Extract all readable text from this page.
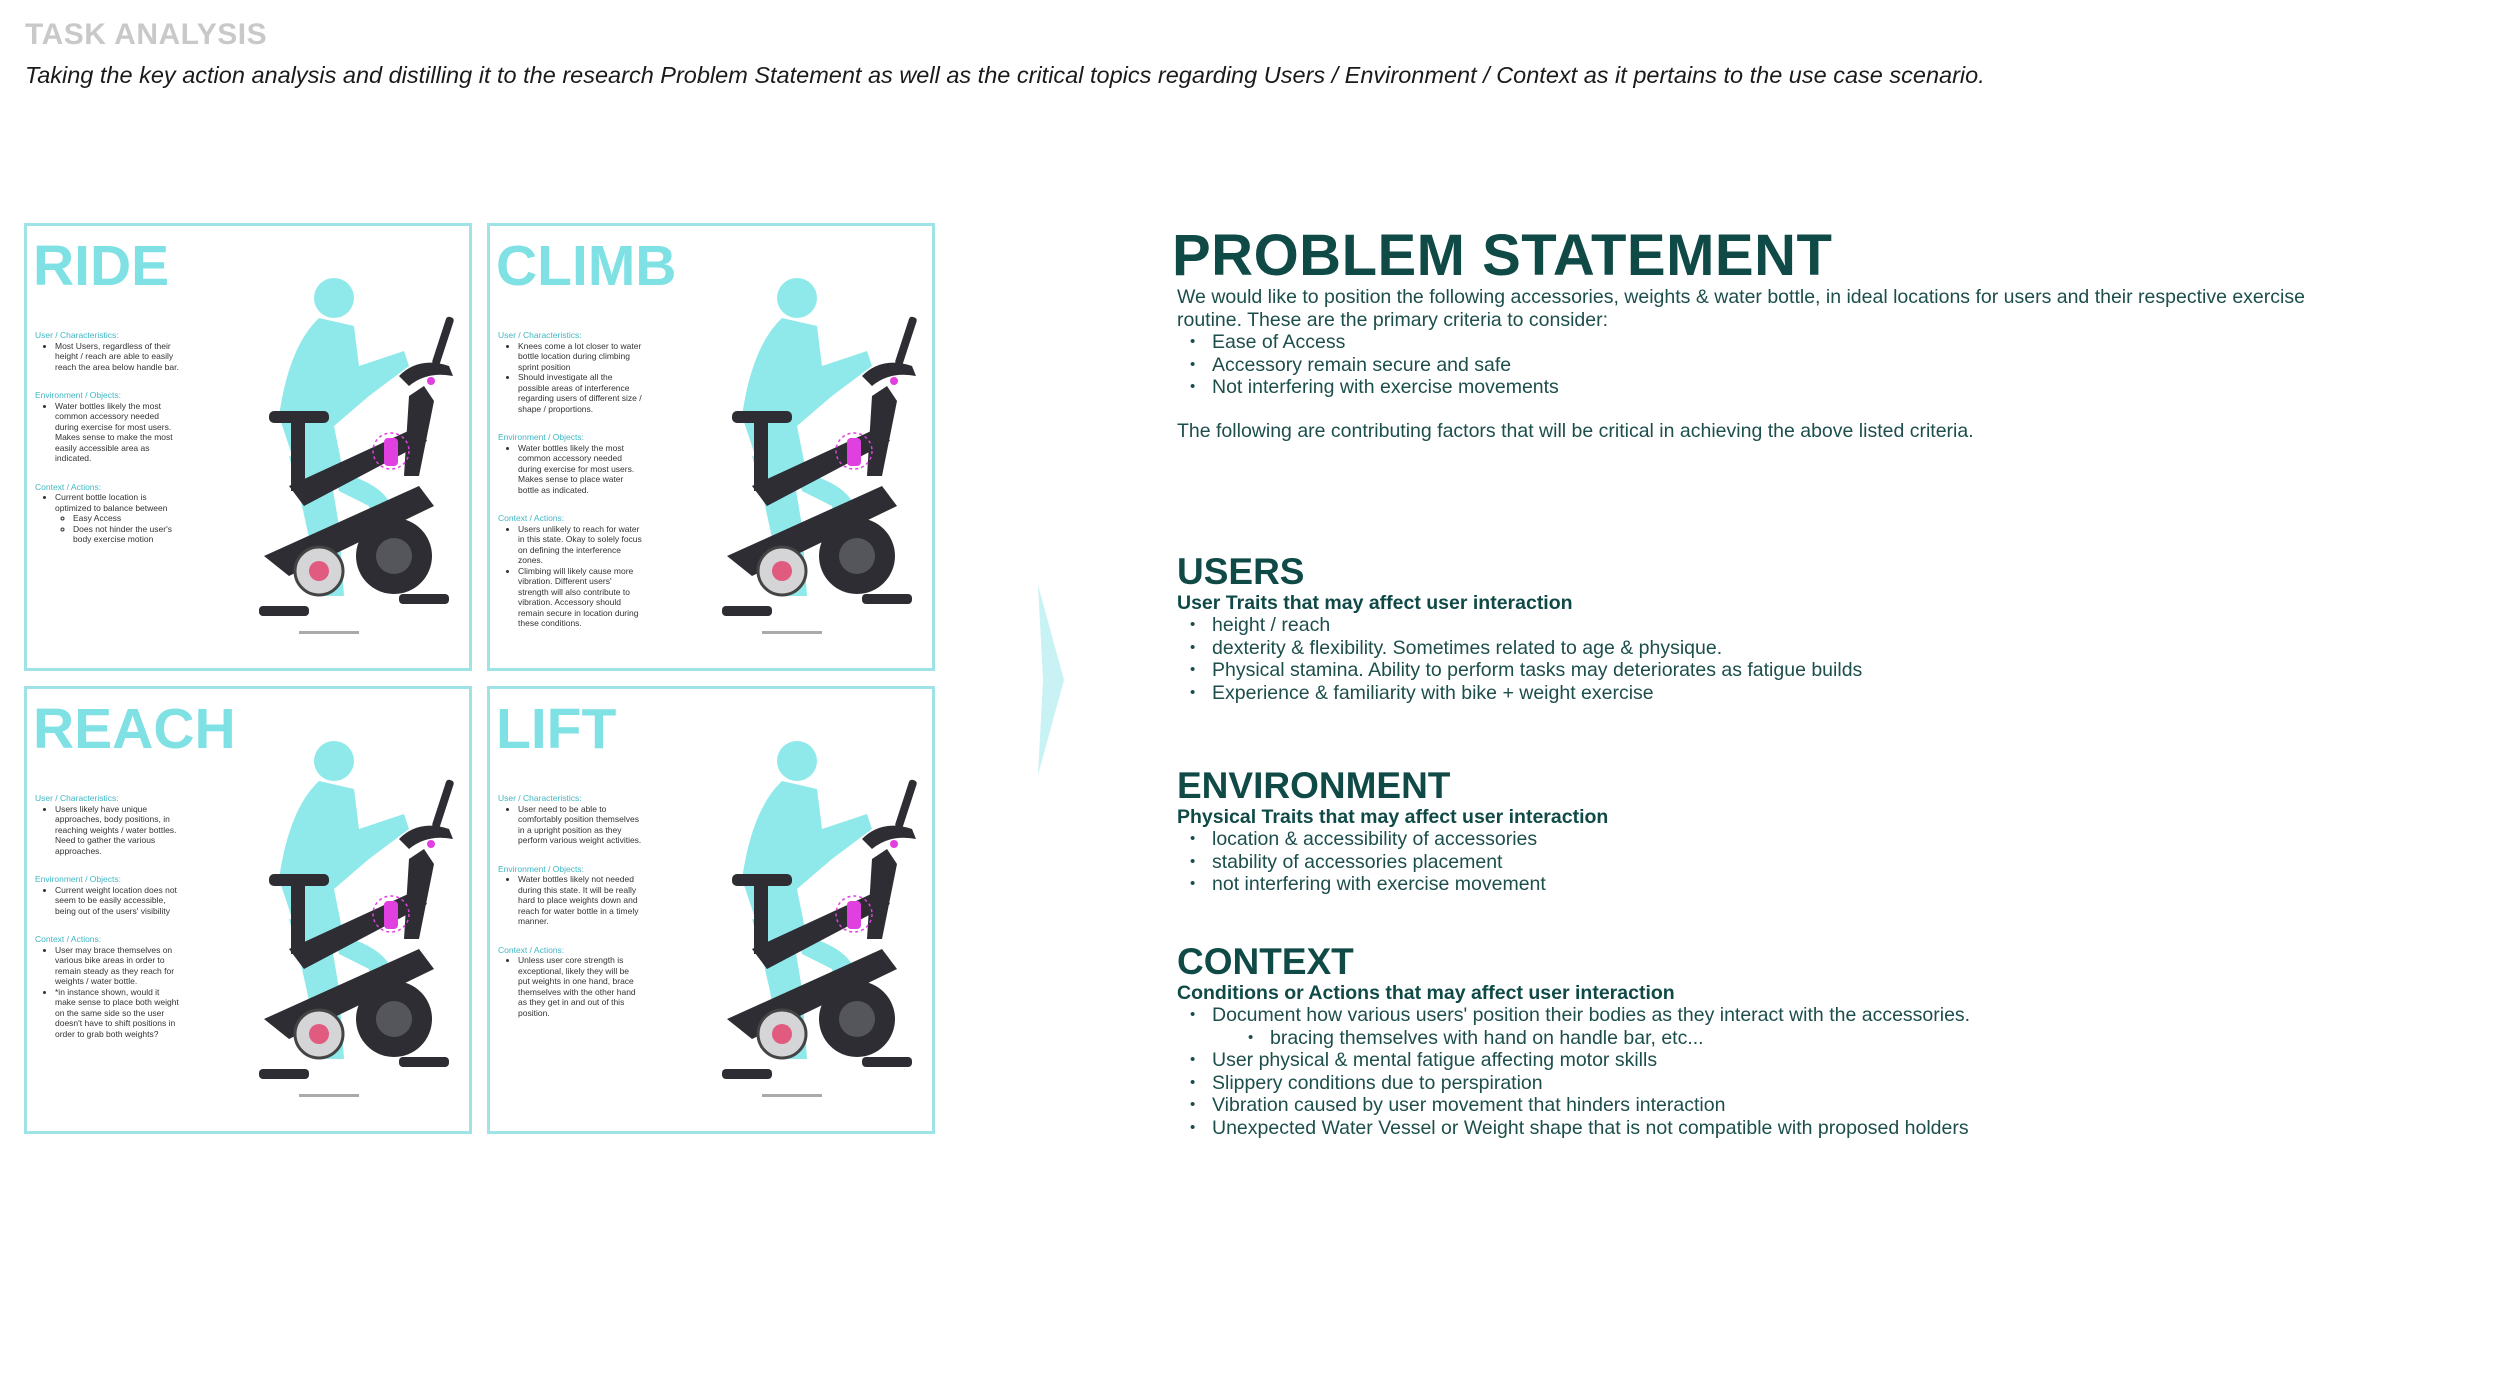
TASK ANALYSIS
Taking the key action analysis and distilling it to the research Problem Statement as well as the critical topics regarding Users / Environment / Context as it pertains to the use case scenario.
RIDE
User / Characteristics:
• Most Users, regardless of their height / reach are able to easily reach the area below handle bar.
Environment / Objects:
• Water bottles likely the most common accessory needed during exercise for most users. Makes sense to make the most easily accessible area as indicated.
Context / Actions:
• Current bottle location is optimized to balance between
◦ Easy Access
◦ Does not hinder the user's body exercise motion
CLIMB
User / Characteristics:
• Knees come a lot closer to water bottle location during climbing sprint position
• Should investigate all the possible areas of interference regarding users of different size / shape / proportions.
Environment / Objects:
• Water bottles likely the most common accessory needed during exercise for most users. Makes sense to place water bottle as indicated.
Context / Actions:
• Users unlikely to reach for water in this state. Okay to solely focus on defining the interference zones.
• Climbing will likely cause more vibration. Different users' strength will also contribute to vibration. Accessory should remain secure in location during these conditions.
REACH
User / Characteristics:
• Users likely have unique approaches, body positions, in reaching weights / water bottles. Need to gather the various approaches.
Environment / Objects:
• Current weight location does not seem to be easily accessible, being out of the users' visibility
Context / Actions:
• User may brace themselves on various bike areas in order to remain steady as they reach for weights / water bottle.
• *in instance shown, would it make sense to place both weight on the same side so the user doesn't have to shift positions in order to grab both weights?
LIFT
User / Characteristics:
• User need to be able to comfortably position themselves in a upright position as they perform various weight activities.
Environment / Objects:
• Water bottles likely not needed during this state. It will be really hard to place weights down and reach for water bottle in a timely manner.
Context / Actions:
• Unless user core strength is exceptional, likely they will be put weights in one hand, brace themselves with the other hand as they get in and out of this position.
PROBLEM STATEMENT
We would like to position the following accessories, weights & water bottle, in ideal locations for users and their respective exercise routine. These are the primary criteria to consider:
• Ease of Access
• Accessory remain secure and safe
• Not interfering with exercise movements
The following are contributing factors that will be critical in achieving the above listed criteria.
USERS
User Traits that may affect user interaction
• height / reach
• dexterity & flexibility. Sometimes related to age & physique.
• Physical stamina. Ability to perform tasks may deteriorates as fatigue builds
• Experience & familiarity with bike + weight exercise
ENVIRONMENT
Physical Traits that may affect user interaction
• location & accessibility of accessories
• stability of accessories placement
• not interfering with exercise movement
CONTEXT
Conditions or Actions that may affect user interaction
• Document how various users' position their bodies as they interact with the accessories.
• bracing themselves with hand on handle bar, etc...
• User physical & mental fatigue affecting motor skills
• Slippery conditions due to perspiration
• Vibration caused by user movement that hinders interaction
• Unexpected Water Vessel or Weight shape that is not compatible with proposed holders
